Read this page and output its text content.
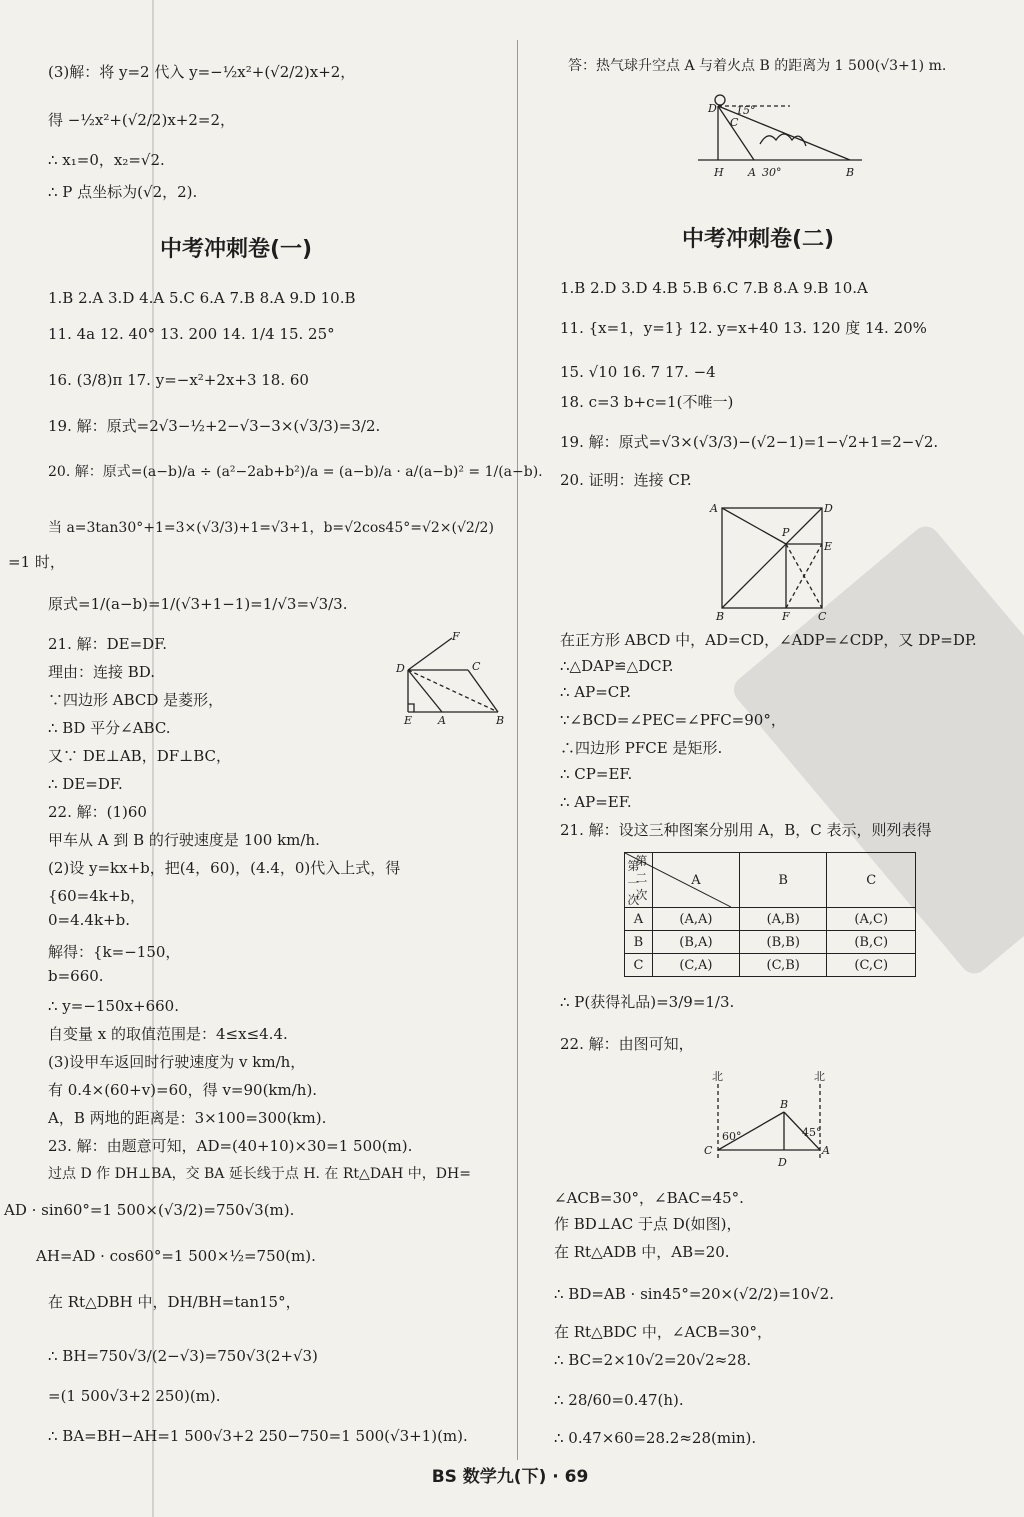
(3)解：将 y=2 代入 y=−½x²+(√2/2)x+2，
得 −½x²+(√2/2)x+2=2，
∴ x₁=0，x₂=√2.
∴ P 点坐标为(√2，2).
中考冲刺卷(一)
1.B 2.A 3.D 4.A 5.C 6.A 7.B 8.A 9.D 10.B
11. 4a 12. 40° 13. 200 14. 1/4 15. 25°
16. (3/8)π 17. y=−x²+2x+3 18. 60
19. 解：原式=2√3−½+2−√3−3×(√3/3)=3/2.
20. 解：原式=(a−b)/a ÷ (a²−2ab+b²)/a = (a−b)/a · a/(a−b)² = 1/(a−b).
当 a=3tan30°+1=3×(√3/3)+1=√3+1，b=√2cos45°=√2×(√2/2)
=1 时，
原式=1/(a−b)=1/(√3+1−1)=1/√3=√3/3.
21. 解：DE=DF.
理由：连接 BD.
∵四边形 ABCD 是菱形，
∴ BD 平分∠ABC.
又∵ DE⊥AB，DF⊥BC，
∴ DE=DF.
22. 解：(1)60
甲车从 A 到 B 的行驶速度是 100 km/h.
(2)设 y=kx+b，把(4，60)，(4.4，0)代入上式，得
{60=4k+b，
0=4.4k+b.
解得：{k=−150，
b=660.
∴ y=−150x+660.
自变量 x 的取值范围是：4≤x≤4.4.
(3)设甲车返回时行驶速度为 v km/h，
有 0.4×(60+v)=60，得 v=90(km/h).
A，B 两地的距离是：3×100=300(km).
23. 解：由题意可知，AD=(40+10)×30=1 500(m).
过点 D 作 DH⊥BA，交 BA 延长线于点 H. 在 Rt△DAH 中，DH=
AD · sin60°=1 500×(√3/2)=750√3(m).
AH=AD · cos60°=1 500×½=750(m).
在 Rt△DBH 中，DH/BH=tan15°，
∴ BH=750√3/(2−√3)=750√3(2+√3)
=(1 500√3+2 250)(m).
∴ BA=BH−AH=1 500√3+2 250−750=1 500(√3+1)(m).
F
D	C
E A	B
答：热气球升空点 A 与着火点 B 的距离为 1 500(√3+1) m.
中考冲刺卷(二)
1.B 2.D 3.D 4.B 5.B 6.C 7.B 8.A 9.B 10.A
11. {x=1，y=1} 12. y=x+40 13. 120 度 14. 20%
15. √10 16. 7 17. −4
18. c=3 b+c=1(不唯一)
19. 解：原式=√3×(√3/3)−(√2−1)=1−√2+1=2−√2.
20. 证明：连接 CP.
在正方形 ABCD 中，AD=CD，∠ADP=∠CDP，又 DP=DP.
∴△DAP≌△DCP.
∴ AP=CP.
∵∠BCD=∠PEC=∠PFC=90°，
∴四边形 PFCE 是矩形.
∴ CP=EF.
∴ AP=EF.
21. 解：设这三种图案分别用 A，B，C 表示，则列表得
∴ P(获得礼品)=3/9=1/3.
22. 解：由图可知，
∠ACB=30°，∠BAC=45°.
作 BD⊥AC 于点 D(如图)，
在 Rt△ADB 中，AB=20.
∴ BD=AB · sin45°=20×(√2/2)=10√2.
在 Rt△BDC 中，∠ACB=30°，
∴ BC=2×10√2=20√2≈28.
∴ 28/60=0.47(h).
∴ 0.47×60=28.2≈28(min).
D
C
15°
H A 30°	B
A	D
P
E
B	F	C
第 一 次
第 二 次	A	B	C
A	(A,A)	(A,B)	(A,C)
B	(B,A)	(B,B)	(B,C)
C	(C,A)	(C,B)	(C,C)
北	北
B
60°	45°
C
D
A
BS 数学九(下) · 69
